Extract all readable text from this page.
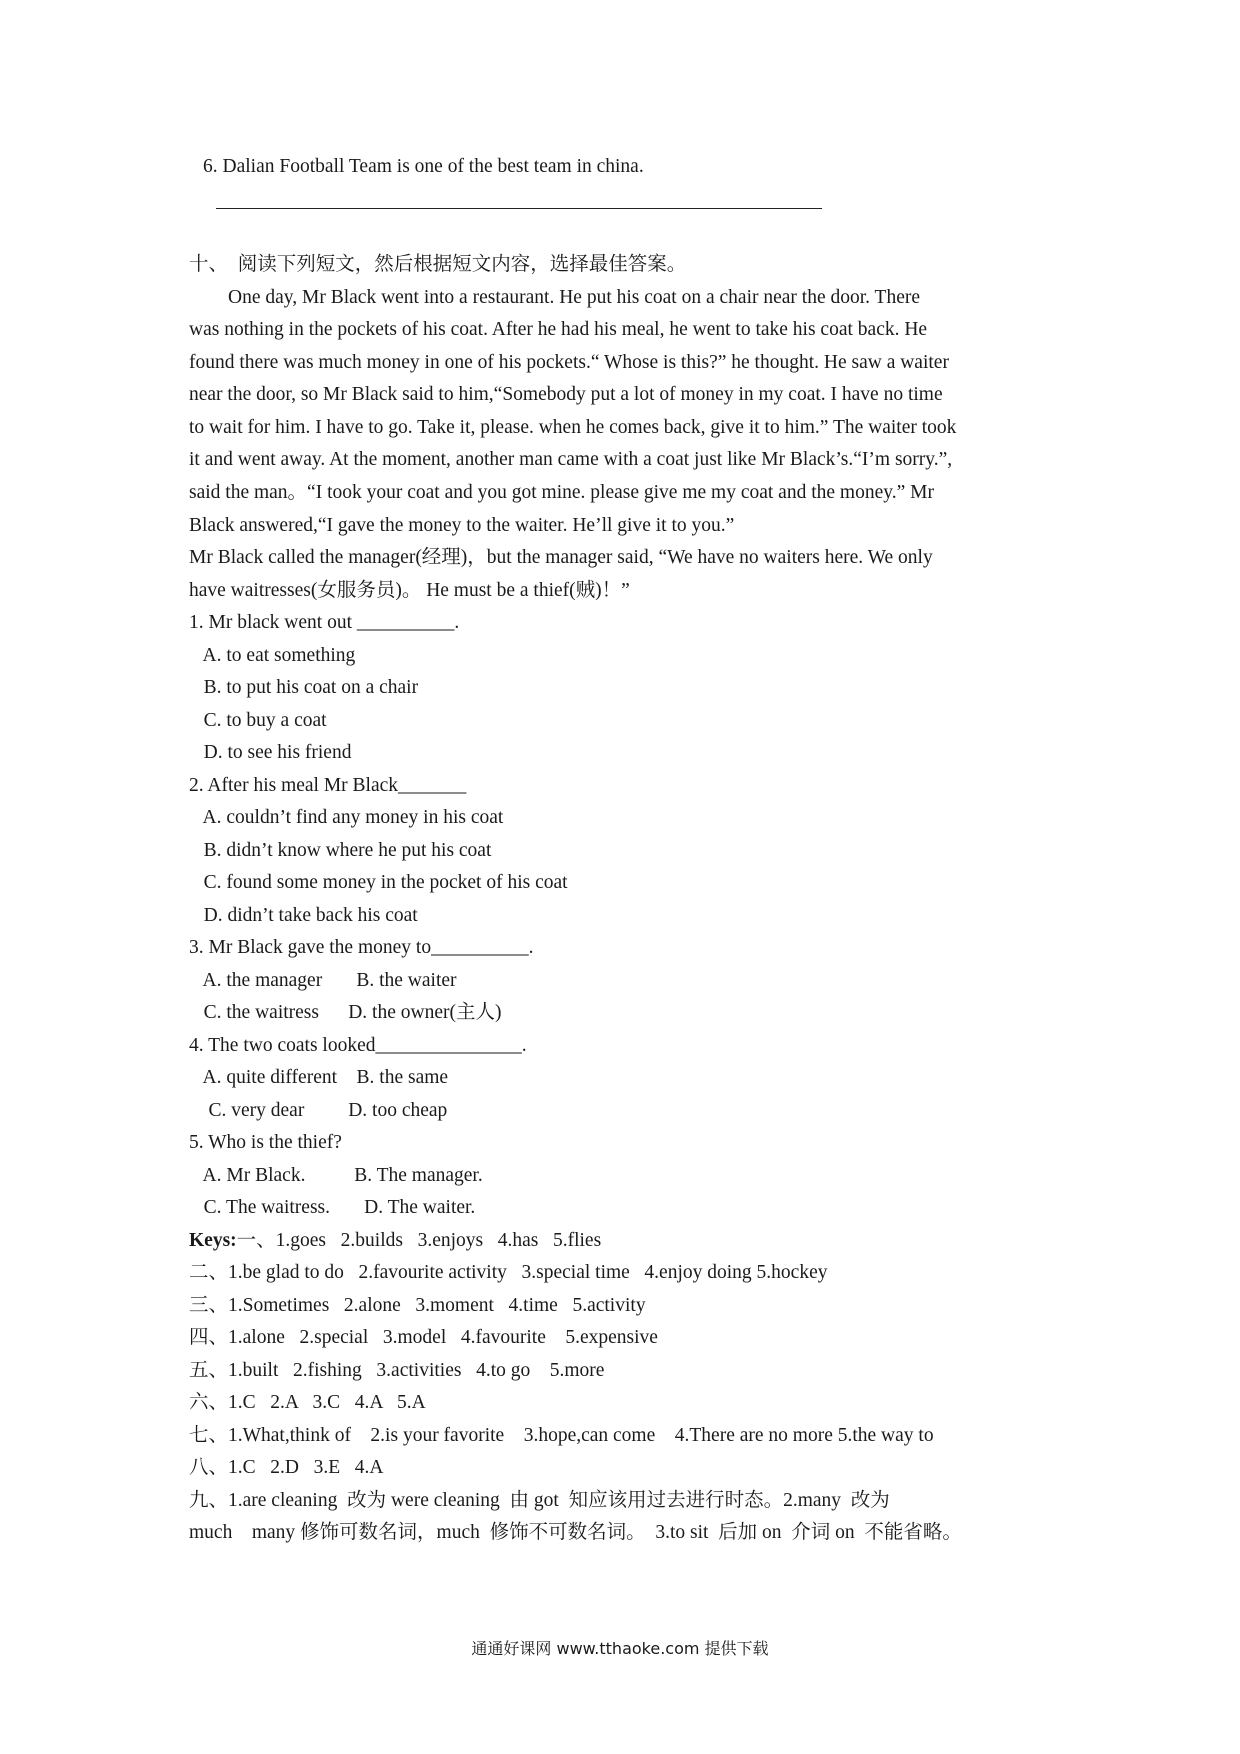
6. Dalian Football Team is one of the best team in china.
十、  阅读下列短文，然后根据短文内容，选择最佳答案。
One day, Mr Black went into a restaurant. He put his coat on a chair near the door. There
was nothing in the pockets of his coat. After he had his meal, he went to take his coat back. He
found there was much money in one of his pockets.“ Whose is this?” he thought. He saw a waiter
near the door, so Mr Black said to him,“Somebody put a lot of money in my coat. I have no time
to wait for him. I have to go. Take it, please. when he comes back, give it to him.” The waiter took
it and went away. At the moment, another man came with a coat just like Mr Black’s.“I’m sorry.”,
said the man。“I took your coat and you got mine. please give me my coat and the money.” Mr
Black answered,“I gave the money to the waiter. He’ll give it to you.”
Mr Black called the manager(经理)，but the manager said, “We have no waiters here. We only
have waitresses(女服务员)。 He must be a thief(贼)！”
1. Mr black went out __________.
A. to eat something
B. to put his coat on a chair
C. to buy a coat
D. to see his friend
2. After his meal Mr Black_______
A. couldn’t find any money in his coat
B. didn’t know where he put his coat
C. found some money in the pocket of his coat
D. didn’t take back his coat
3. Mr Black gave the money to__________.
A. the manager       B. the waiter
C. the waitress      D. the owner(主人)
4. The two coats looked_______________.
A. quite different    B. the same
C. very dear         D. too cheap
5. Who is the thief?
A. Mr Black.          B. The manager.
C. The waitress.       D. The waiter.
Keys:一、1.goes   2.builds   3.enjoys   4.has   5.flies
二、1.be glad to do   2.favourite activity   3.special time   4.enjoy doing 5.hockey
三、1.Sometimes   2.alone   3.moment   4.time   5.activity
四、1.alone   2.special   3.model   4.favourite    5.expensive
五、1.built   2.fishing   3.activities   4.to go    5.more
六、1.C   2.A   3.C   4.A   5.A
七、1.What,think of    2.is your favorite    3.hope,can come    4.There are no more 5.the way to
八、1.C   2.D   3.E   4.A
九、1.are cleaning  改为 were cleaning  由 got  知应该用过去进行时态。2.many  改为
much    many 修饰可数名词，much  修饰不可数名词。  3.to sit  后加 on  介词 on  不能省略。
通通好课网 www.tthaoke.com 提供下载
